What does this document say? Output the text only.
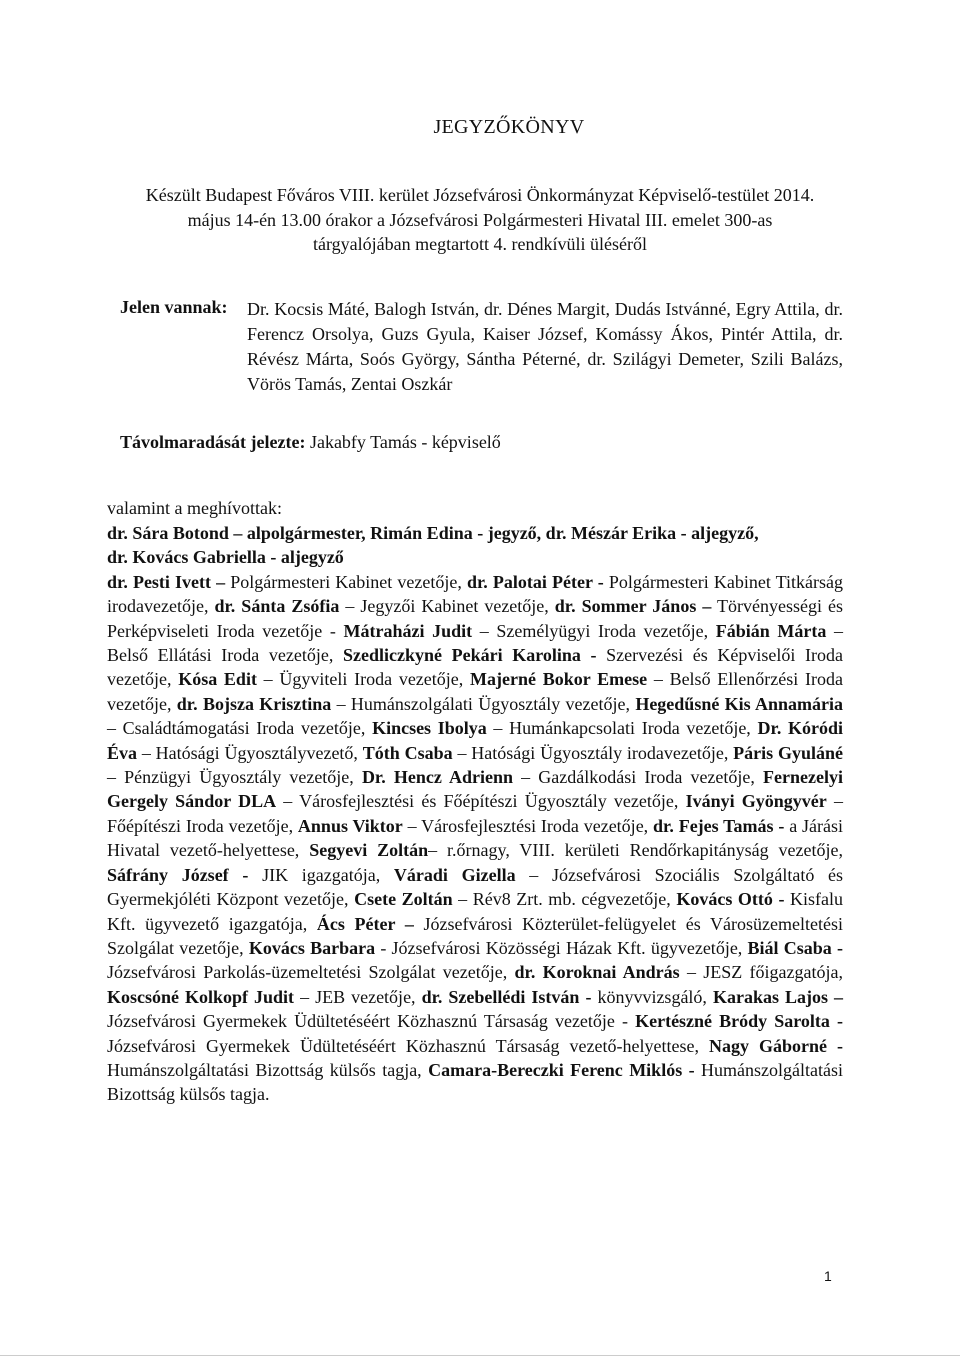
JEGYZŐKÖNYV
Készült Budapest Főváros VIII. kerület Józsefvárosi Önkormányzat Képviselő-testület 2014.
május 14-én 13.00 órakor a Józsefvárosi Polgármesteri Hivatal III. emelet 300-as
tárgyalójában megtartott 4. rendkívüli üléséről
Jelen vannak: Dr. Kocsis Máté, Balogh István, dr. Dénes Margit, Dudás Istvánné, Egry Attila, dr. Ferencz Orsolya, Guzs Gyula, Kaiser József, Komássy Ákos, Pintér Attila, dr. Révész Márta, Soós György, Sántha Péterné, dr. Szilágyi Demeter, Szili Balázs, Vörös Tamás, Zentai Oszkár
Távolmaradását jelezte: Jakabfy Tamás - képviselő
valamint a meghívottak:

dr. Sára Botond – alpolgármester, Rimán Edina - jegyző, dr. Mészár Erika - aljegyző,
dr. Kovács Gabriella - aljegyző

dr. Pesti Ivett – Polgármesteri Kabinet vezetője, dr. Palotai Péter - Polgármesteri Kabinet Titkárság irodavezetője, dr. Sánta Zsófia – Jegyzői Kabinet vezetője, dr. Sommer János – Törvényességi és Perképviseleti Iroda vezetője - Mátraházi Judit – Személyügyi Iroda vezetője, Fábián Márta – Belső Ellátási Iroda vezetője, Szedliczkyné Pekári Karolina - Szervezési és Képviselői Iroda vezetője, Kósa Edit – Ügyviteli Iroda vezetője, Majerné Bokor Emese – Belső Ellenőrzési Iroda vezetője, dr. Bojsza Krisztina – Humánszolgálati Ügyosztály vezetője, Hegedűsné Kis Annamária – Családtámogatási Iroda vezetője, Kincses Ibolya – Humánkapcsolati Iroda vezetője, Dr. Kóródi Éva – Hatósági Ügyosztályvezető, Tóth Csaba – Hatósági Ügyosztály irodavezetője, Páris Gyuláné – Pénzügyi Ügyosztály vezetője, Dr. Hencz Adrienn – Gazdálkodási Iroda vezetője, Fernezelyi Gergely Sándor DLA – Városfejlesztési és Főépítészi Ügyosztály vezetője, Iványi Gyöngyvér – Főépítészi Iroda vezetője, Annus Viktor – Városfejlesztési Iroda vezetője, dr. Fejes Tamás - a Járási Hivatal vezető-helyettese, Segyevi Zoltán– r.őrnagy, VIII. kerületi Rendőrkapitányság vezetője, Sáfrány József - JIK igazgatója, Váradi Gizella – Józsefvárosi Szociális Szolgáltató és Gyermekjóléti Központ vezetője, Csete Zoltán – Rév8 Zrt. mb. cégvezetője, Kovács Ottó - Kisfalu Kft. ügyvezető igazgatója, Ács Péter – Józsefvárosi Közterület-felügyelet és Városüzemeltetési Szolgálat vezetője, Kovács Barbara - Józsefvárosi Közösségi Házak Kft. ügyvezetője, Biál Csaba - Józsefvárosi Parkolás-üzemeltetési Szolgálat vezetője, dr. Koroknai András – JESZ főigazgatója, Koscsóné Kolkopf Judit – JEB vezetője, dr. Szebellédi István - könyvvizsgáló, Karakas Lajos – Józsefvárosi Gyermekek Üdültetéséért Közhasznú Társaság vezetője - Kertészné Bródy Sarolta - Józsefvárosi Gyermekek Üdültetéséért Közhasznú Társaság vezető-helyettese, Nagy Gáborné - Humánszolgáltatási Bizottság külsős tagja, Camara-Bereczki Ferenc Miklós - Humánszolgáltatási Bizottság külsős tagja.

1
